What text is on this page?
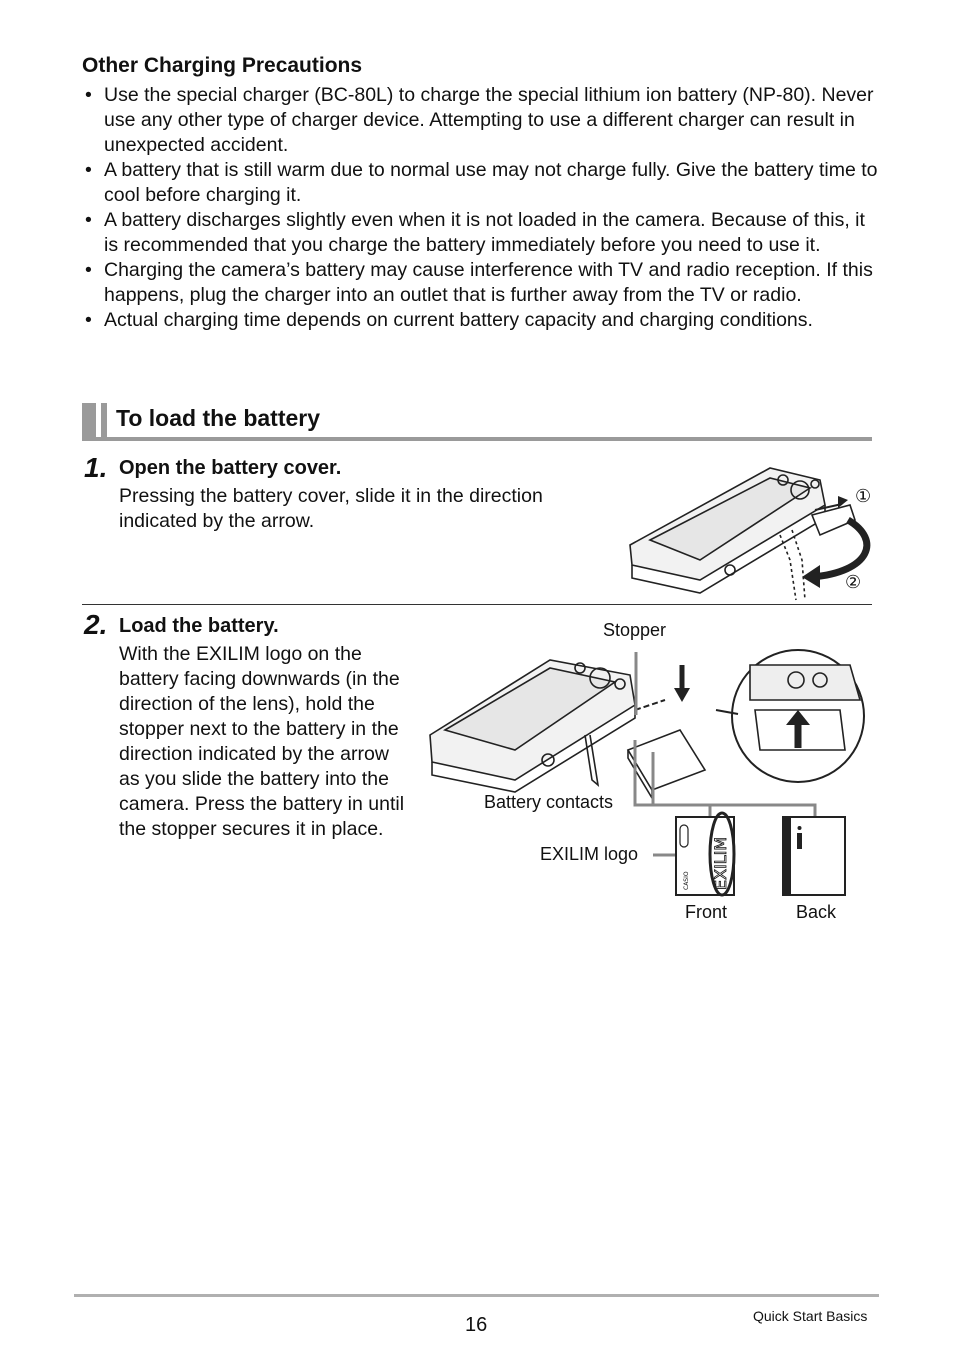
Other Charging Precautions
• Use the special charger (BC-80L) to charge the special lithium ion battery (NP-80). Never use any other type of charger device. Attempting to use a different charger can result in unexpected accident.
• A battery that is still warm due to normal use may not charge fully. Give the battery time to cool before charging it.
• A battery discharges slightly even when it is not loaded in the camera. Because of this, it is recommended that you charge the battery immediately before you need to use it.
• Charging the camera’s battery may cause interference with TV and radio reception. If this happens, plug the charger into an outlet that is further away from the TV or radio.
• Actual charging time depends on current battery capacity and charging conditions.
To load the battery
1. Open the battery cover.
Pressing the battery cover, slide it in the direction indicated by the arrow.
①
②
2. Load the battery.
With the EXILIM logo on the battery facing downwards (in the direction of the lens), hold the stopper next to the battery in the direction indicated by the arrow as you slide the battery into the camera. Press the battery in until the stopper secures it in place.
CASIO EXILIM
Stopper
Battery contacts
EXILIM logo
Front	Back
16	Quick Start Basics
